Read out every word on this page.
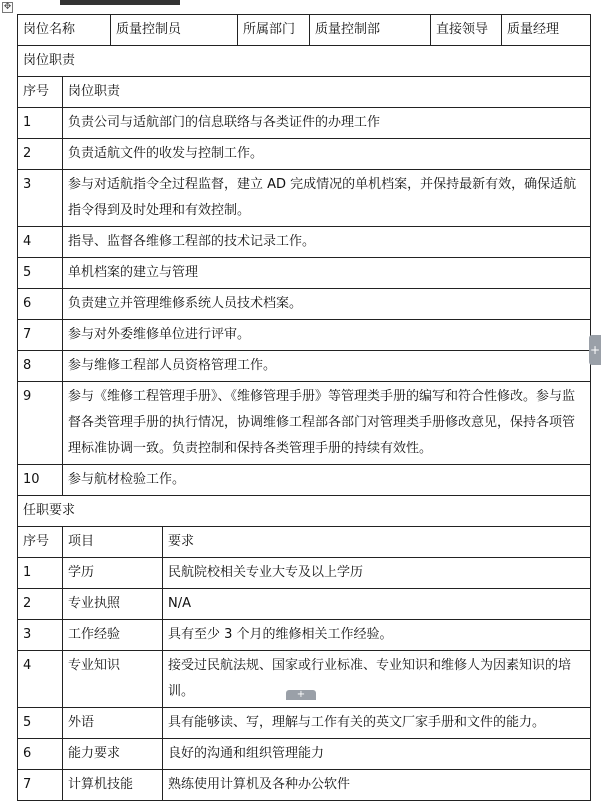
✥
岗位名称		质量控制员		所属部门	质量控制部	直接领导	质量经理
岗位职责							
序号	岗位职责						
1	负责公司与适航部门的信息联络与各类证件的办理工作						
2	负责适航文件的收发与控制工作。						
3	参与对适航指令全过程监督，建立 AD 完成情况的单机档案，并保持最新有效，确保适航指令得到及时处理和有效控制。						
4	指导、监督各维修工程部的技术记录工作。						
5	单机档案的建立与管理						
6	负责建立并管理维修系统人员技术档案。						
7	参与对外委维修单位进行评审。						
8	参与维修工程部人员资格管理工作。						
9	参与《维修工程管理手册》、《维修管理手册》等管理类手册的编写和符合性修改。参与监督各类管理手册的执行情况，协调维修工程部各部门对管理类手册修改意见，保持各项管理标准协调一致。负责控制和保持各类管理手册的持续有效性。						
10	参与航材检验工作。						
任职要求							
序号	项目		要求				
1	学历		民航院校相关专业大专及以上学历				
2	专业执照		N/A				
3	工作经验		具有至少 3 个月的维修相关工作经验。				
4	专业知识		接受过民航法规、国家或行业标准、专业知识和维修人为因素知识的培训。				
5	外语		具有能够读、写，理解与工作有关的英文厂家手册和文件的能力。				
6	能力要求		良好的沟通和组织管理能力				
7	计算机技能		熟练使用计算机及各种办公软件				
+
+
